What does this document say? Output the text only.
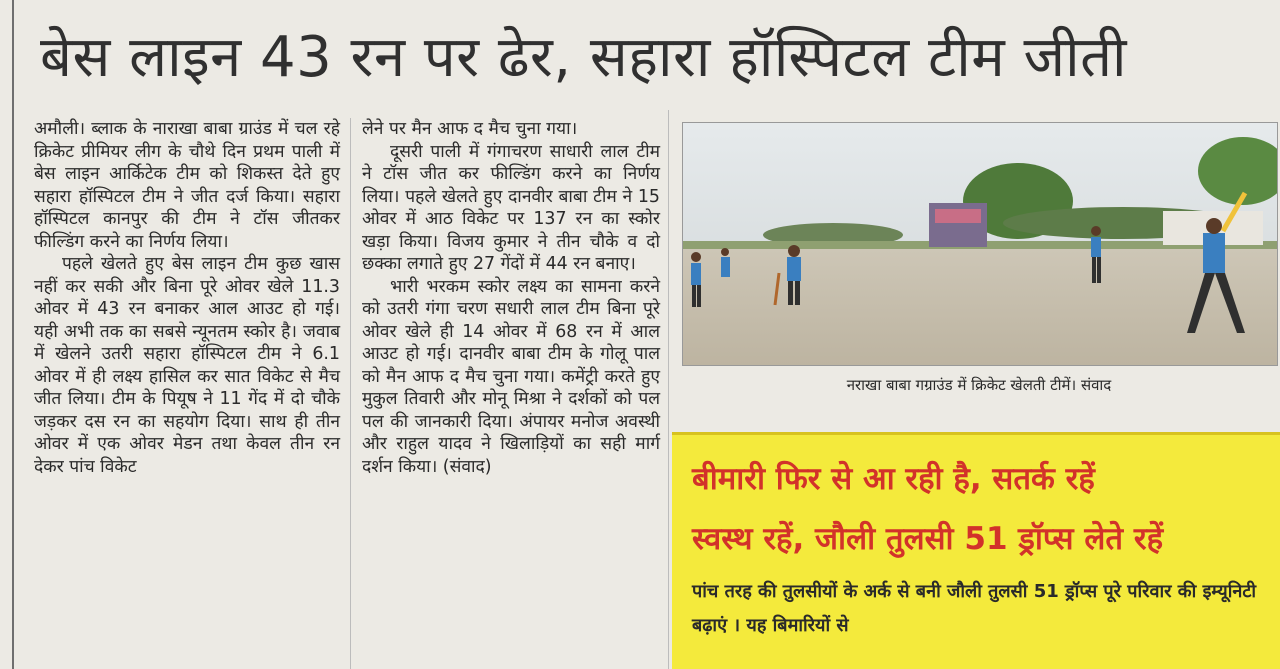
बेस लाइन 43 रन पर ढेर, सहारा हॉस्पिटल टीम जीती

अमौली। ब्लाक के नाराखा बाबा ग्राउंड में चल रहे क्रिकेट प्रीमियर लीग के चौथे दिन प्रथम पाली में बेस लाइन आर्किटेक टीम को शिकस्त देते हुए सहारा हॉस्पिटल टीम ने जीत दर्ज किया। सहारा हॉस्पिटल कानपुर की टीम ने टॉस जीतकर फील्डिंग करने का निर्णय लिया।

पहले खेलते हुए बेस लाइन टीम कुछ खास नहीं कर सकी और बिना पूरे ओवर खेले 11.3 ओवर में 43 रन बनाकर आल आउट हो गई। यही अभी तक का सबसे न्यूनतम स्कोर है। जवाब में खेलने उतरी सहारा हॉस्पिटल टीम ने 6.1 ओवर में ही लक्ष्य हासिल कर सात विकेट से मैच जीत लिया। टीम के पियूष ने 11 गेंद में दो चौके जड़कर दस रन का सहयोग दिया। साथ ही तीन ओवर में एक ओवर मेडन तथा केवल तीन रन देकर पांच विकेट

लेने पर मैन आफ द मैच चुना गया।

दूसरी पाली में गंगाचरण साधारी लाल टीम ने टॉस जीत कर फील्डिंग करने का निर्णय लिया। पहले खेलते हुए दानवीर बाबा टीम ने 15 ओवर में आठ विकेट पर 137 रन का स्कोर खड़ा किया। विजय कुमार ने तीन चौके व दो छक्का लगाते हुए 27 गेंदों में 44 रन बनाए।

भारी भरकम स्कोर लक्ष्य का सामना करने को उतरी गंगा चरण सधारी लाल टीम बिना पूरे ओवर खेले ही 14 ओवर में 68 रन में आल आउट हो गई। दानवीर बाबा टीम के गोलू पाल को मैन आफ द मैच चुना गया। कमेंट्री करते हुए मुकुल तिवारी और मोनू मिश्रा ने दर्शकों को पल पल की जानकारी दिया। अंपायर मनोज अवस्थी और राहुल यादव ने खिलाड़ियों का सही मार्ग दर्शन किया। (संवाद)

नराखा बाबा गग्राउंड में क्रिकेट खेलती टीमें। संवाद
बीमारी फिर से आ रही है, सतर्क रहें
स्वस्थ रहें, जौली तुलसी 51 ड्रॉप्स लेते रहें
पांच तरह की तुलसीयों के अर्क से बनी जौली तुलसी 51 ड्रॉप्स पूरे परिवार की इम्यूनिटी बढ़ाएं । यह बिमारियों से
